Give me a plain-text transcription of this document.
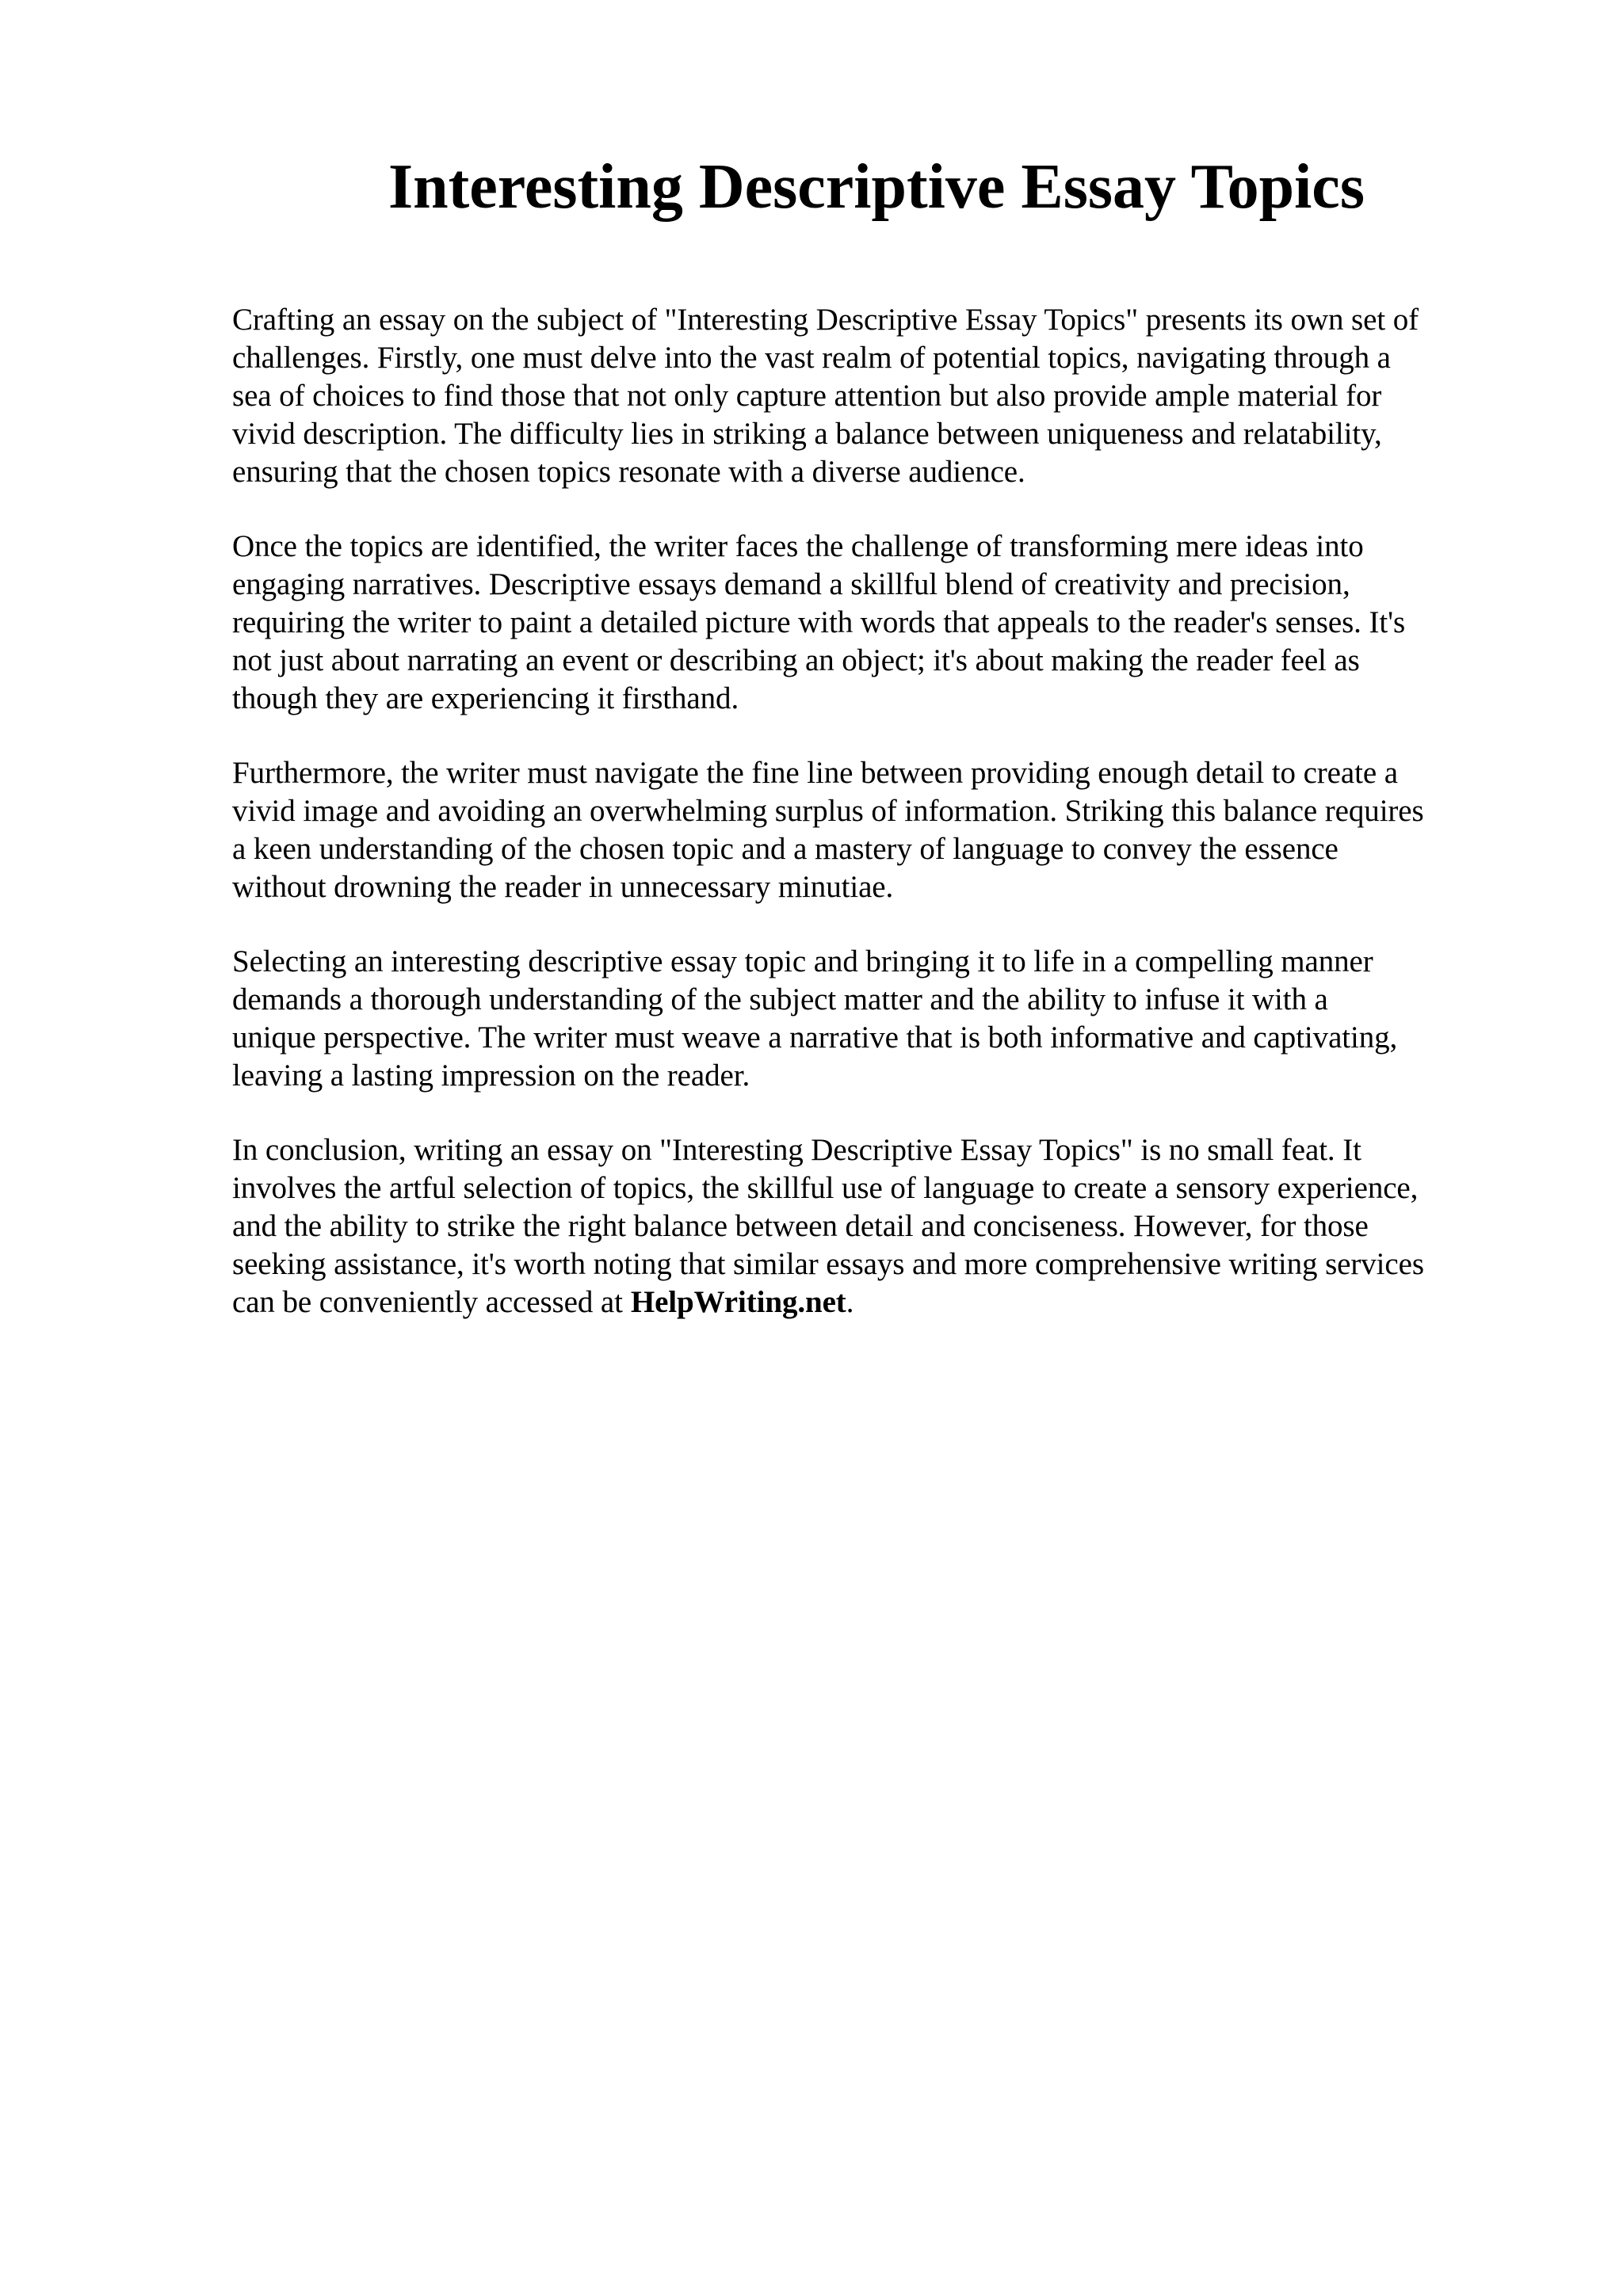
Interesting Descriptive Essay Topics

Crafting an essay on the subject of "Interesting Descriptive Essay Topics" presents its own set of
challenges. Firstly, one must delve into the vast realm of potential topics, navigating through a
sea of choices to find those that not only capture attention but also provide ample material for
vivid description. The difficulty lies in striking a balance between uniqueness and relatability,
ensuring that the chosen topics resonate with a diverse audience.

Once the topics are identified, the writer faces the challenge of transforming mere ideas into
engaging narratives. Descriptive essays demand a skillful blend of creativity and precision,
requiring the writer to paint a detailed picture with words that appeals to the reader's senses. It's
not just about narrating an event or describing an object; it's about making the reader feel as
though they are experiencing it firsthand.

Furthermore, the writer must navigate the fine line between providing enough detail to create a
vivid image and avoiding an overwhelming surplus of information. Striking this balance requires
a keen understanding of the chosen topic and a mastery of language to convey the essence
without drowning the reader in unnecessary minutiae.

Selecting an interesting descriptive essay topic and bringing it to life in a compelling manner
demands a thorough understanding of the subject matter and the ability to infuse it with a
unique perspective. The writer must weave a narrative that is both informative and captivating,
leaving a lasting impression on the reader.

In conclusion, writing an essay on "Interesting Descriptive Essay Topics" is no small feat. It
involves the artful selection of topics, the skillful use of language to create a sensory experience,
and the ability to strike the right balance between detail and conciseness. However, for those
seeking assistance, it's worth noting that similar essays and more comprehensive writing services
can be conveniently accessed at HelpWriting.net.
